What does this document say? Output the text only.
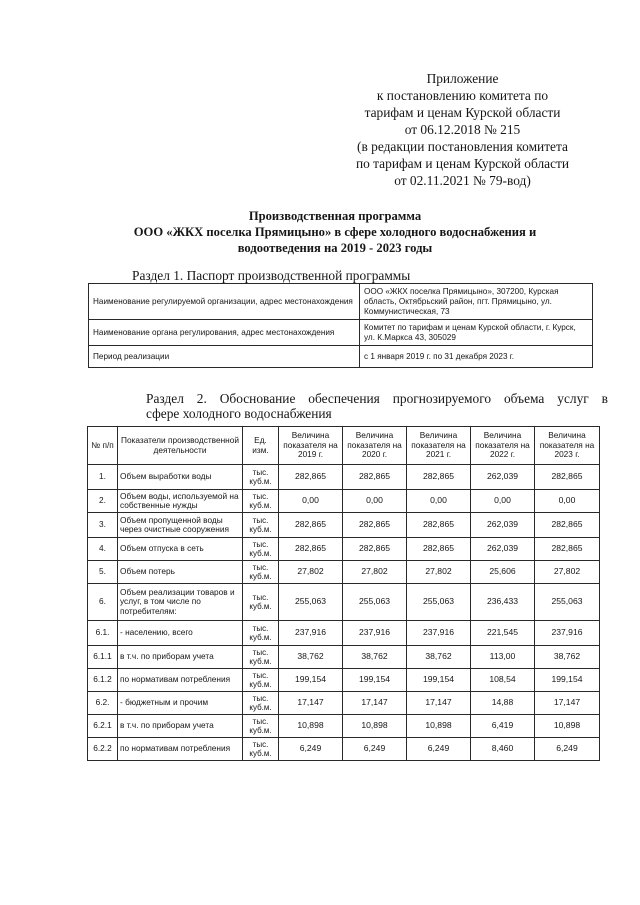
Приложение
к постановлению комитета по
тарифам и ценам Курской области
от 06.12.2018 № 215
(в редакции постановления комитета
по тарифам и ценам Курской области
от 02.11.2021 № 79-вод)
Производственная программа
ООО «ЖКХ поселка Прямицыно» в сфере холодного водоснабжения и
водоотведения на 2019 - 2023 годы
Раздел 1. Паспорт производственной программы
Наименование регулируемой организации, адрес местонахождения	ООО «ЖКХ поселка Прямицыно», 307200, Курская область, Октябрьский район, пгт. Прямицыно, ул. Коммунистическая, 73
Наименование органа регулирования, адрес местонахождения	Комитет по тарифам и ценам Курской области, г. Курск, ул. К.Маркса 43, 305029
Период реализации	с 1 января 2019 г. по 31 декабря 2023 г.
Раздел 2. Обоснование обеспечения прогнозируемого объема услуг в
сфере холодного водоснабжения
№ п/п	Показатели производственной деятельности	Ед. изм.	Величина показателя на 2019 г.	Величина показателя на 2020 г.	Величина показателя на 2021 г.	Величина показателя на 2022 г.	Величина показателя на 2023 г.
1.	Объем выработки воды	тыс. куб.м.	282,865	282,865	282,865	262,039	282,865
2.	Объем воды, используемой на собственные нужды	тыс. куб.м.	0,00	0,00	0,00	0,00	0,00
3.	Объем пропущенной воды через очистные сооружения	тыс. куб.м.	282,865	282,865	282,865	262,039	282,865
4.	Объем отпуска в сеть	тыс. куб.м.	282,865	282,865	282,865	262,039	282,865
5.	Объем потерь	тыс. куб.м.	27,802	27,802	27,802	25,606	27,802
6.	Объем реализации товаров и услуг, в том числе по потребителям:	тыс. куб.м.	255,063	255,063	255,063	236,433	255,063
6.1.	- населению, всего	тыс. куб.м.	237,916	237,916	237,916	221,545	237,916
6.1.1	в т.ч. по приборам учета	тыс. куб.м.	38,762	38,762	38,762	113,00	38,762
6.1.2	по нормативам потребления	тыс. куб.м.	199,154	199,154	199,154	108,54	199,154
6.2.	- бюджетным и прочим	тыс. куб.м.	17,147	17,147	17,147	14,88	17,147
6.2.1	в т.ч. по приборам учета	тыс. куб.м.	10,898	10,898	10,898	6,419	10,898
6.2.2	по нормативам потребления	тыс. куб.м.	6,249	6,249	6,249	8,460	6,249
